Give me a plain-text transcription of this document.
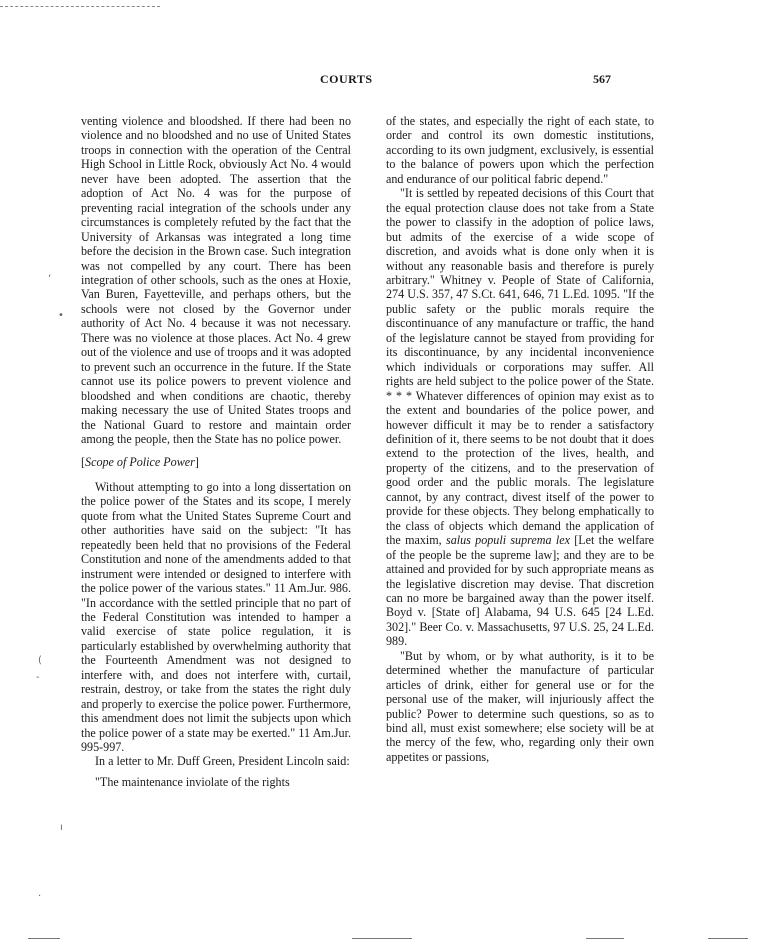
COURTS	567

venting violence and bloodshed. If there had been no violence and no bloodshed and no use of United States troops in connection with the operation of the Central High School in Little Rock, obviously Act No. 4 would never have been adopted. The assertion that the adoption of Act No. 4 was for the purpose of preventing racial integration of the schools under any circumstances is completely refuted by the fact that the University of Arkansas was integrated a long time before the decision in the Brown case. Such integration was not compelled by any court. There has been integration of other schools, such as the ones at Hoxie, Van Buren, Fayetteville, and perhaps others, but the schools were not closed by the Governor under authority of Act No. 4 because it was not necessary. There was no violence at those places. Act No. 4 grew out of the violence and use of troops and it was adopted to prevent such an occurrence in the future. If the State cannot use its police powers to prevent violence and bloodshed and when conditions are chaotic, thereby making necessary the use of United States troops and the National Guard to restore and maintain order among the people, then the State has no police power.

[Scope of Police Power]

Without attempting to go into a long dissertation on the police power of the States and its scope, I merely quote from what the United States Supreme Court and other authorities have said on the subject: "It has repeatedly been held that no provisions of the Federal Constitution and none of the amendments added to that instrument were intended or designed to interfere with the police power of the various states." 11 Am.Jur. 986. "In accordance with the settled principle that no part of the Federal Constitution was intended to hamper a valid exercise of state police regulation, it is particularly established by overwhelming authority that the Fourteenth Amendment was not designed to interfere with, and does not interfere with, curtail, restrain, destroy, or take from the states the right duly and properly to exercise the police power. Furthermore, this amendment does not limit the subjects upon which the police power of a state may be exerted." 11 Am.Jur. 995-997.

In a letter to Mr. Duff Green, President Lincoln said:

"The maintenance inviolate of the rights

of the states, and especially the right of each state, to order and control its own domestic institutions, according to its own judgment, exclusively, is essential to the balance of powers upon which the perfection and endurance of our political fabric depend."

"It is settled by repeated decisions of this Court that the equal protection clause does not take from a State the power to classify in the adoption of police laws, but admits of the exercise of a wide scope of discretion, and avoids what is done only when it is without any reasonable basis and therefore is purely arbitrary." Whitney v. People of State of California, 274 U.S. 357, 47 S.Ct. 641, 646, 71 L.Ed. 1095. "If the public safety or the public morals require the discontinuance of any manufacture or traffic, the hand of the legislature cannot be stayed from providing for its discontinuance, by any incidental inconvenience which individuals or corporations may suffer. All rights are held subject to the police power of the State. * * * Whatever differences of opinion may exist as to the extent and boundaries of the police power, and however difficult it may be to render a satisfactory definition of it, there seems to be not doubt that it does extend to the protection of the lives, health, and property of the citizens, and to the preservation of good order and the public morals. The legislature cannot, by any contract, divest itself of the power to provide for these objects. They belong emphatically to the class of objects which demand the application of the maxim, salus populi suprema lex [Let the welfare of the people be the supreme law]; and they are to be attained and provided for by such appropriate means as the legislative discretion may devise. That discretion can no more be bargained away than the power itself. Boyd v. [State of] Alabama, 94 U.S. 645 [24 L.Ed. 302]." Beer Co. v. Massachusetts, 97 U.S. 25, 24 L.Ed. 989.

"But by whom, or by what authority, is it to be determined whether the manufacture of particular articles of drink, either for general use or for the personal use of the maker, will injuriously affect the public? Power to determine such questions, so as to bind all, must exist somewhere; else society will be at the mercy of the few, who, regarding only their own appetites or passions,

,
•
(
-
ı
.
